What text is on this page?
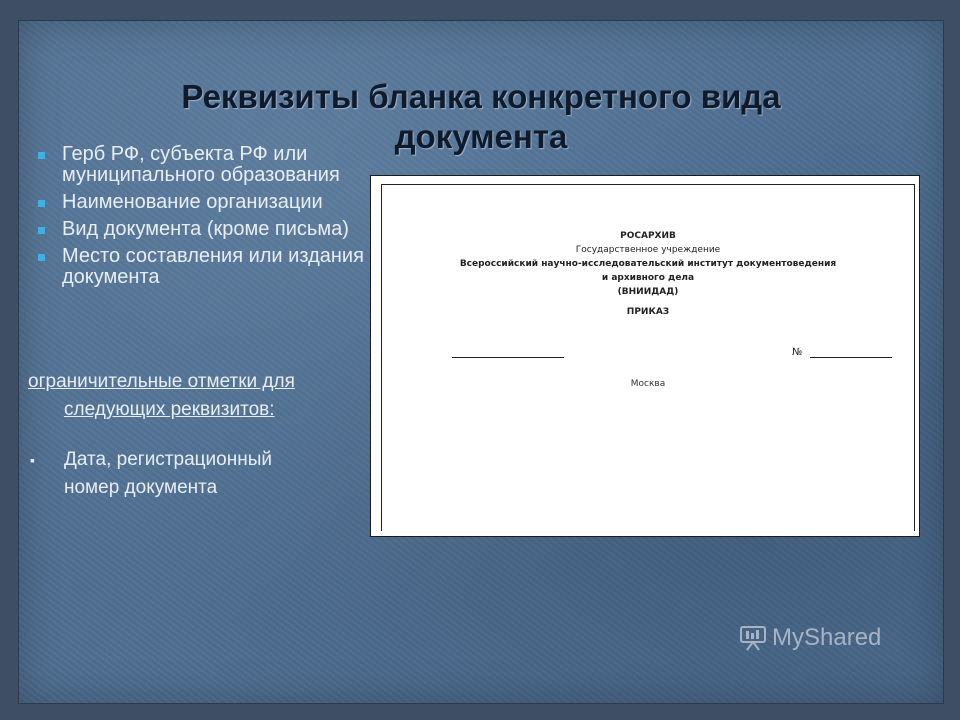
Реквизиты бланка конкретного вида
документа
Герб РФ, субъекта РФ или муниципального образования
Наименование организации
Вид документа (кроме письма)
Место составления или издания документа
ограничительные отметки для
следующих реквизитов:
▪	Дата, регистрационный
номер документа
РОСАРХИВ
Государственное учреждение
Всероссийский научно-исследовательский институт документоведения
и архивного дела
(ВНИИДАД)
ПРИКАЗ
№
Москва
MyShared
